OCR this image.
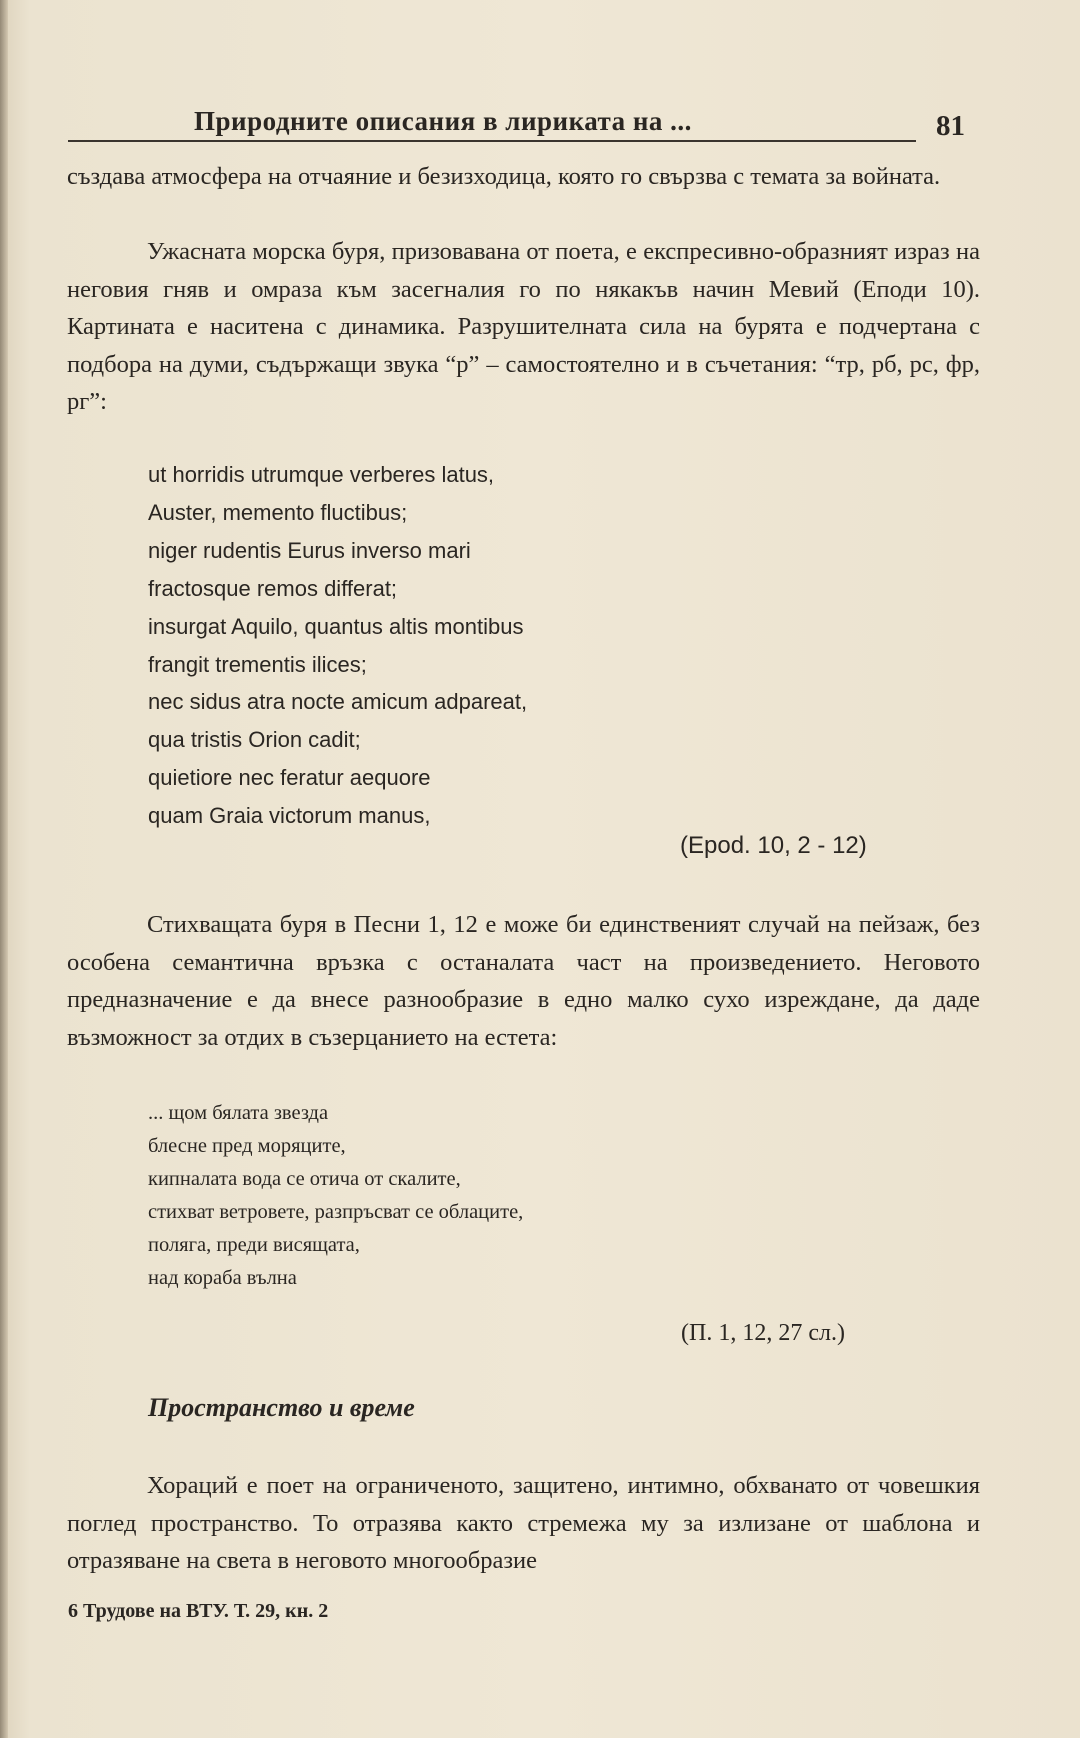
Природните описания в лириката на ...	81

създава атмосфера на отчаяние и безизходица, която го свързва с темата за войната.

Ужасната морска буря, призовавана от поета, е експресивно-образният израз на неговия гняв и омраза към засегналия го по някакъв начин Мевий (Еподи 10). Картината е наситена с динамика. Разрушителната сила на бурята е подчертана с подбора на думи, съдържащи звука “р” – самостоятелно и в съчетания: “тр, рб, рс, фр, рг”:

ut horridis utrumque verberes latus,
Auster, memento fluctibus;
niger rudentis Eurus inverso mari
fractosque remos differat;
insurgat Aquilo, quantus altis montibus
frangit trementis ilices;
nec sidus atra nocte amicum adpareat,
qua tristis Orion cadit;
quietiore nec feratur aequore
quam Graia victorum manus,
(Epod. 10, 2 - 12)

Стихващата буря в Песни 1, 12 е може би единственият случай на пейзаж, без особена семантична връзка с останалата част на произведението. Неговото предназначение е да внесе разнообразие в едно малко сухо изреждане, да даде възможност за отдих в съзерцанието на естета:

... щом бялата звезда
блесне пред моряците,
кипналата вода се отича от скалите,
стихват ветровете, разпръсват се облаците,
поляга, преди висящата,
над кораба вълна
(П. 1, 12, 27 сл.)
Пространство и време

Хораций е поет на ограниченото, защитено, интимно, обхванато от човешкия поглед пространство. То отразява както стремежа му за излизане от шаблона и отразяване на света в неговото многообразие

6 Трудове на ВТУ. Т. 29, кн. 2
